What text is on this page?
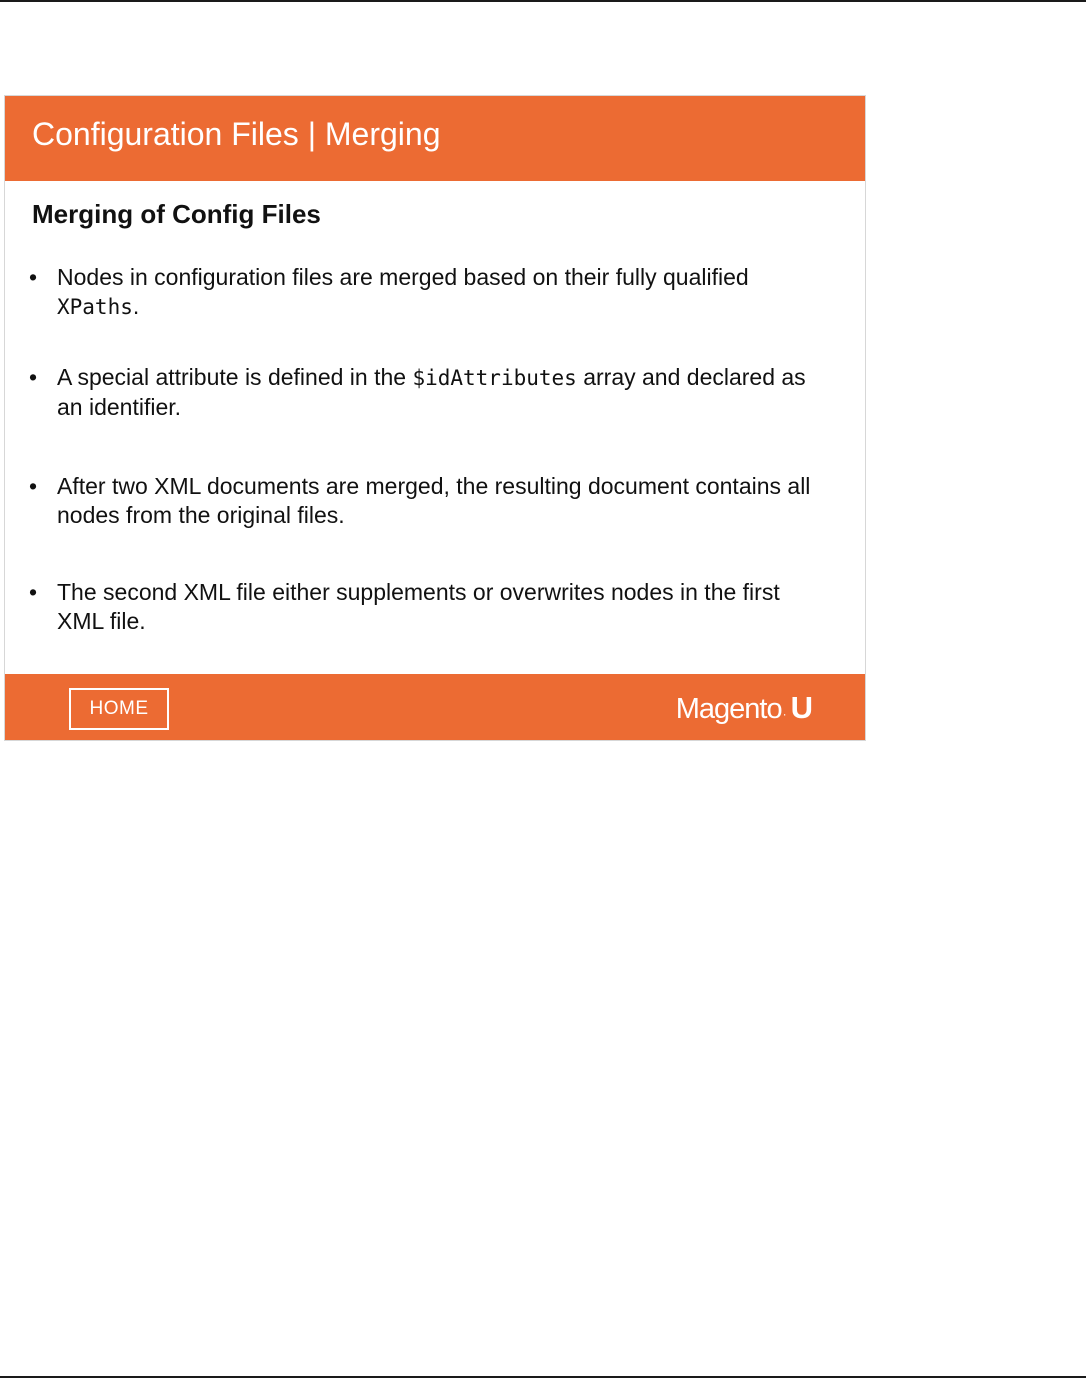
Configuration Files | Merging
Merging of Config Files
• Nodes in configuration files are merged based on their fully qualified XPaths.
• A special attribute is defined in the $idAttributes array and declared as an identifier.
• After two XML documents are merged, the resulting document contains all nodes from the original files.
• The second XML file either supplements or overwrites nodes in the first XML file.
HOME	Magento · U
